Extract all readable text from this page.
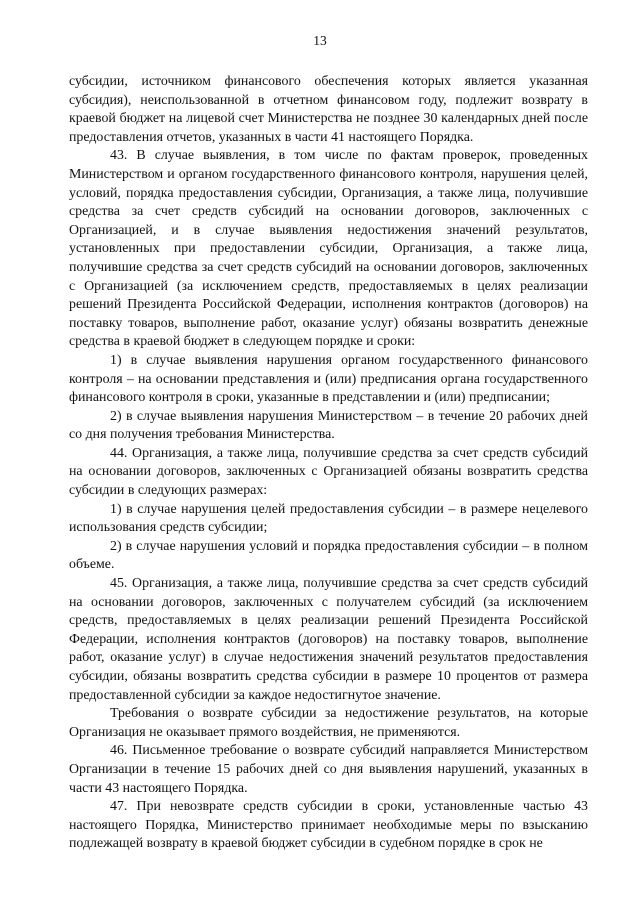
13

субсидии, источником финансового обеспечения которых является указанная субсидия), неиспользованной в отчетном финансовом году, подлежит возврату в краевой бюджет на лицевой счет Министерства не позднее 30 календарных дней после предоставления отчетов, указанных в части 41 настоящего Порядка.

43. В случае выявления, в том числе по фактам проверок, проведенных Министерством и органом государственного финансового контроля, нарушения целей, условий, порядка предоставления субсидии, Организация, а также лица, получившие средства за счет средств субсидий на основании договоров, заключенных с Организацией, и в случае выявления недостижения значений результатов, установленных при предоставлении субсидии, Организация, а также лица, получившие средства за счет средств субсидий на основании договоров, заключенных с Организацией (за исключением средств, предоставляемых в целях реализации решений Президента Российской Федерации, исполнения контрактов (договоров) на поставку товаров, выполнение работ, оказание услуг) обязаны возвратить денежные средства в краевой бюджет в следующем порядке и сроки:

1) в случае выявления нарушения органом государственного финансового контроля – на основании представления и (или) предписания органа государственного финансового контроля в сроки, указанные в представлении и (или) предписании;

2) в случае выявления нарушения Министерством – в течение 20 рабочих дней со дня получения требования Министерства.

44. Организация, а также лица, получившие средства за счет средств субсидий на основании договоров, заключенных с Организацией обязаны возвратить средства субсидии в следующих размерах:

1) в случае нарушения целей предоставления субсидии – в размере нецелевого использования средств субсидии;

2) в случае нарушения условий и порядка предоставления субсидии – в полном объеме.

45. Организация, а также лица, получившие средства за счет средств субсидий на основании договоров, заключенных с получателем субсидий (за исключением средств, предоставляемых в целях реализации решений Президента Российской Федерации, исполнения контрактов (договоров) на поставку товаров, выполнение работ, оказание услуг) в случае недостижения значений результатов предоставления субсидии, обязаны возвратить средства субсидии в размере 10 процентов от размера предоставленной субсидии за каждое недостигнутое значение.

Требования о возврате субсидии за недостижение результатов, на которые Организация не оказывает прямого воздействия, не применяются.

46. Письменное требование о возврате субсидий направляется Министерством Организации в течение 15 рабочих дней со дня выявления нарушений, указанных в части 43 настоящего Порядка.

47. При невозврате средств субсидии в сроки, установленные частью 43 настоящего Порядка, Министерство принимает необходимые меры по взысканию подлежащей возврату в краевой бюджет субсидии в судебном порядке в срок не
